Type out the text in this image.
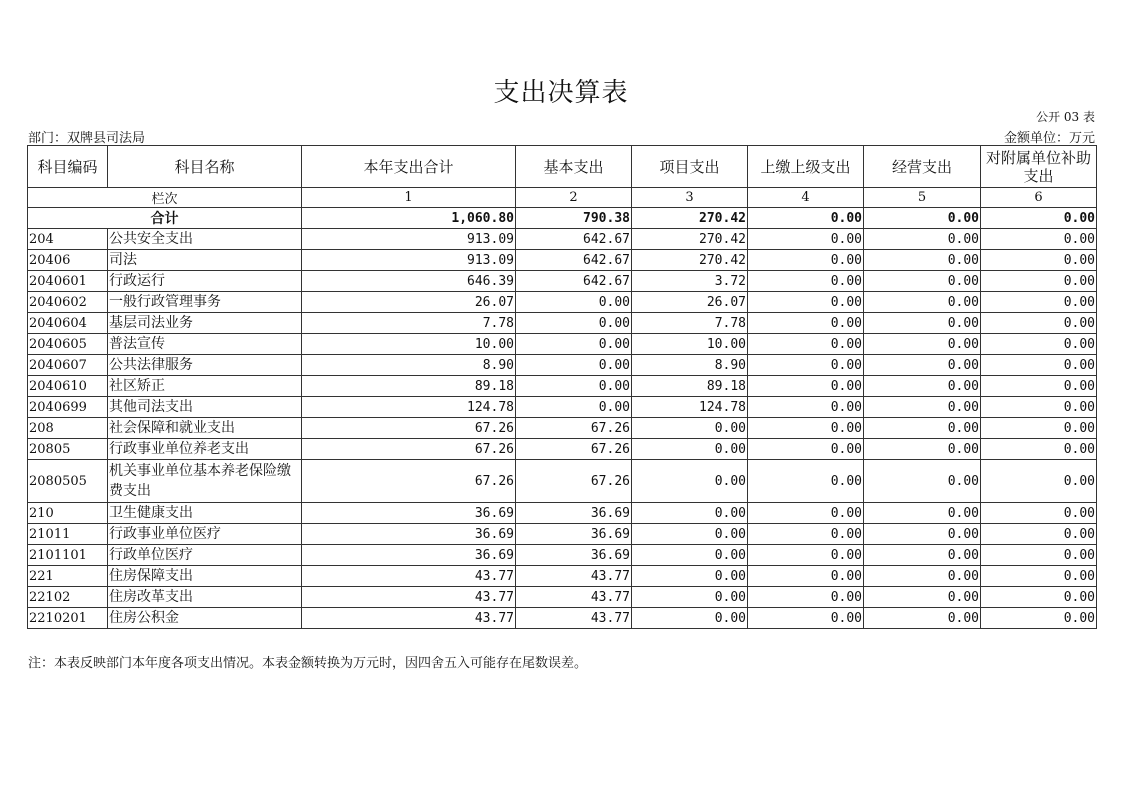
支出决算表
公开 03 表
部门：双牌县司法局	金额单位：万元
科目编码	科目名称	本年支出合计	基本支出	项目支出	上缴上级支出	经营支出	对附属单位补助支出
栏次		1	2	3	4	5	6
合计		1,060.80	790.38	270.42	0.00	0.00	0.00
204	公共安全支出	913.09	642.67	270.42	0.00	0.00	0.00
20406	司法	913.09	642.67	270.42	0.00	0.00	0.00
2040601	行政运行	646.39	642.67	3.72	0.00	0.00	0.00
2040602	一般行政管理事务	26.07	0.00	26.07	0.00	0.00	0.00
2040604	基层司法业务	7.78	0.00	7.78	0.00	0.00	0.00
2040605	普法宣传	10.00	0.00	10.00	0.00	0.00	0.00
2040607	公共法律服务	8.90	0.00	8.90	0.00	0.00	0.00
2040610	社区矫正	89.18	0.00	89.18	0.00	0.00	0.00
2040699	其他司法支出	124.78	0.00	124.78	0.00	0.00	0.00
208	社会保障和就业支出	67.26	67.26	0.00	0.00	0.00	0.00
20805	行政事业单位养老支出	67.26	67.26	0.00	0.00	0.00	0.00
2080505	机关事业单位基本养老保险缴费支出	67.26	67.26	0.00	0.00	0.00	0.00
210	卫生健康支出	36.69	36.69	0.00	0.00	0.00	0.00
21011	行政事业单位医疗	36.69	36.69	0.00	0.00	0.00	0.00
2101101	行政单位医疗	36.69	36.69	0.00	0.00	0.00	0.00
221	住房保障支出	43.77	43.77	0.00	0.00	0.00	0.00
22102	住房改革支出	43.77	43.77	0.00	0.00	0.00	0.00
2210201	住房公积金	43.77	43.77	0.00	0.00	0.00	0.00
注：本表反映部门本年度各项支出情况。本表金额转换为万元时，因四舍五入可能存在尾数误差。
